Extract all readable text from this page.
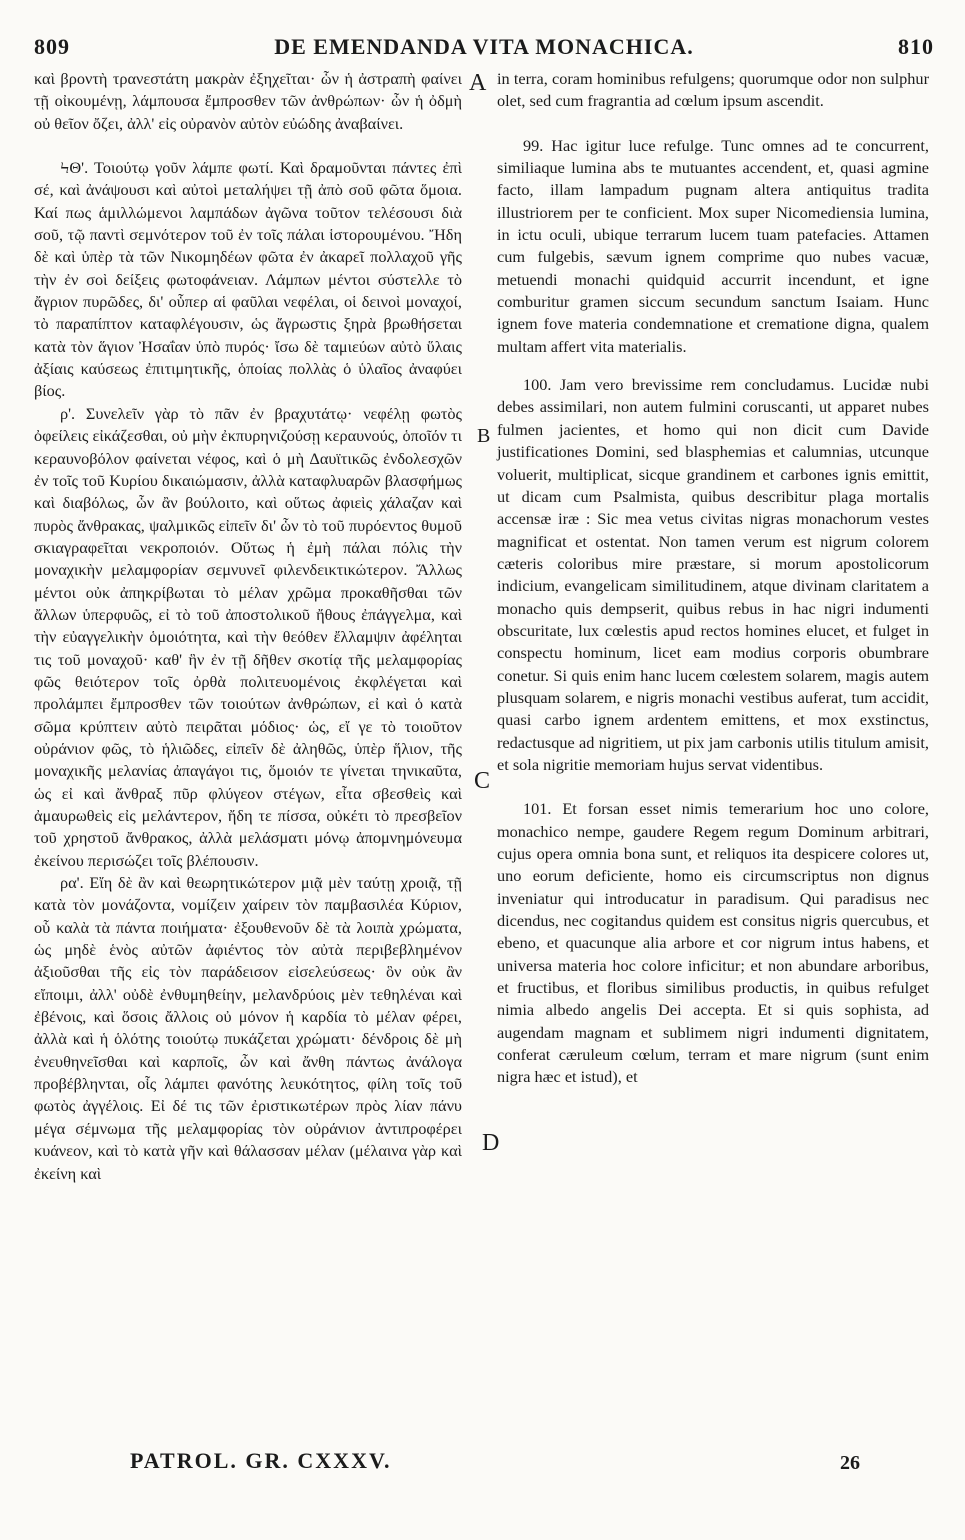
809	DE EMENDANDA VITA MONACHICA.	810

καὶ βροντὴ τρανεστάτη μακρὰν ἐξηχεῖται· ὧν ἡ ἀστραπὴ φαίνει τῇ οἰκουμένῃ, λάμπουσα ἔμπροσθεν τῶν ἀνθρώπων· ὧν ἡ ὀδμὴ οὐ θεῖον ὄζει, ἀλλ' εἰς οὐρανὸν αὐτὸν εὐώδης ἀναβαίνει.

ϞΘ'. Τοιούτῳ γοῦν λάμπε φωτί. Καὶ δραμοῦνται πάντες ἐπὶ σέ, καὶ ἀνάψουσι καὶ αὐτοὶ μεταλήψει τῇ ἀπὸ σοῦ φῶτα ὅμοια. Καί πως ἁμιλλώμενοι λαμπάδων ἀγῶνα τοῦτον τελέσουσι διὰ σοῦ, τῷ παντὶ σεμνότερον τοῦ ἐν τοῖς πάλαι ἱστορουμένου. Ἤδη δὲ καὶ ὑπὲρ τὰ τῶν Νικομηδέων φῶτα ἐν ἀκαρεῖ πολλαχοῦ γῆς τὴν ἐν σοὶ δείξεις φωτοφάνειαν. Λάμπων μέντοι σύστελλε τὸ ἄγριον πυρῶδες, δι' οὗπερ αἱ φαῦλαι νεφέλαι, οἱ δεινοὶ μοναχοί, τὸ παραπίπτον καταφλέγουσιν, ὡς ἄγρωστις ξηρὰ βρωθήσεται κατὰ τὸν ἅγιον Ἠσαΐαν ὑπὸ πυρός· ἴσω δὲ ταμιεύων αὐτὸ ὕλαις ἀξίαις καύσεως ἐπιτιμητικῆς, ὁποίας πολλὰς ὁ ὑλαῖος ἀναφύει βίος.

ρ'. Συνελεῖν γὰρ τὸ πᾶν ἐν βραχυτάτῳ· νεφέλῃ φωτὸς ὀφείλεις εἰκάζεσθαι, οὐ μὴν ἐκπυρηνιζούσῃ κεραυνούς, ὁποῖόν τι κεραυνοβόλον φαίνεται νέφος, καὶ ὁ μὴ Δαυϊτικῶς ἐνδολεσχῶν ἐν τοῖς τοῦ Κυρίου δικαιώμασιν, ἀλλὰ καταφλυαρῶν βλασφήμως καὶ διαβόλως, ὧν ἂν βούλοιτο, καὶ οὕτως ἀφιεὶς χάλαζαν καὶ πυρὸς ἄνθρακας, ψαλμικῶς εἰπεῖν δι' ὧν τὸ τοῦ πυρόεντος θυμοῦ σκιαγραφεῖται νεκροποιόν. Οὕτως ἡ ἐμὴ πάλαι πόλις τὴν μοναχικὴν μελαμφορίαν σεμνυνεῖ φιλενδεικτικώτερον. Ἄλλως μέντοι οὐκ ἀπηκρίβωται τὸ μέλαν χρῶμα προκαθῆσθαι τῶν ἄλλων ὑπερφυῶς, εἰ τὸ τοῦ ἀποστολικοῦ ἤθους ἐπάγγελμα, καὶ τὴν εὐαγγελικὴν ὁμοιότητα, καὶ τὴν θεόθεν ἔλλαμψιν ἀφέληται τις τοῦ μοναχοῦ· καθ' ἣν ἐν τῇ δῆθεν σκοτίᾳ τῆς μελαμφορίας φῶς θειότερον τοῖς ὀρθὰ πολιτευομένοις ἐκφλέγεται καὶ προλάμπει ἔμπροσθεν τῶν τοιούτων ἀνθρώπων, εἰ καὶ ὁ κατὰ σῶμα κρύπτειν αὐτὸ πειρᾶται μόδιος· ὡς, εἴ γε τὸ τοιοῦτον οὐράνιον φῶς, τὸ ἡλιῶδες, εἰπεῖν δὲ ἀληθῶς, ὑπὲρ ἥλιον, τῆς μοναχικῆς μελανίας ἀπαγάγοι τις, ὅμοιόν τε γίνεται τηνικαῦτα, ὡς εἰ καὶ ἄνθραξ πῦρ φλύγεον στέγων, εἶτα σβεσθεὶς καὶ ἀμαυρωθεὶς εἰς μελάντερον, ἤδη τε πίσσα, οὐκέτι τὸ πρεσβεῖον τοῦ χρηστοῦ ἄνθρακος, ἀλλὰ μελάσματι μόνῳ ἀπομνημόνευμα ἐκείνου περισώζει τοῖς βλέπουσιν.

ρα'. Εἴη δὲ ἂν καὶ θεωρητικώτερον μιᾷ μὲν ταύτῃ χροιᾷ, τῇ κατὰ τὸν μονάζοντα, νομίζειν χαίρειν τὸν παμβασιλέα Κύριον, οὗ καλὰ τὰ πάντα ποιήματα· ἐξουθενοῦν δὲ τὰ λοιπὰ χρώματα, ὡς μηδὲ ἑνὸς αὐτῶν ἀφιέντος τὸν αὐτὰ περιβεβλημένον ἀξιοῦσθαι τῆς εἰς τὸν παράδεισον εἰσελεύσεως· ὃν οὐκ ἂν εἴποιμι, ἀλλ' οὐδὲ ἐνθυμηθείην, μελανδρύοις μὲν τεθηλέναι καὶ ἐβένοις, καὶ ὅσοις ἄλλοις οὐ μόνον ἡ καρδία τὸ μέλαν φέρει, ἀλλὰ καὶ ἡ ὁλότης τοιούτῳ πυκάζεται χρώματι· δένδροις δὲ μὴ ἐνευθηνεῖσθαι καὶ καρποῖς, ὧν καὶ ἄνθη πάντως ἀνάλογα προβέβληνται, οἷς λάμπει φανότης λευκότητος, φίλη τοῖς τοῦ φωτὸς ἀγγέλοις. Εἰ δέ τις τῶν ἐριστικωτέρων πρὸς λίαν πάνυ μέγα σέμνωμα τῆς μελαμφορίας τὸν οὐράνιον ἀντιπροφέρει κυάνεον, καὶ τὸ κατὰ γῆν καὶ θάλασσαν μέλαν (μέλαινα γὰρ καὶ ἐκείνη καὶ

A
B
C
D

in terra, coram hominibus refulgens; quorumque odor non sulphur olet, sed cum fragrantia ad cœlum ipsum ascendit.

99. Hac igitur luce refulge. Tunc omnes ad te concurrent, similiaque lumina abs te mutuantes accendent, et, quasi agmine facto, illam lampadum pugnam altera antiquitus tradita illustriorem per te conficient. Mox super Nicomediensia lumina, in ictu oculi, ubique terrarum lucem tuam patefacies. Attamen cum fulgebis, sævum ignem comprime quo nubes vacuæ, metuendi monachi quidquid accurrit incendunt, et igne comburitur gramen siccum secundum sanctum Isaiam. Hunc ignem fove materia condemnatione et crematione digna, qualem multam affert vita materialis.

100. Jam vero brevissime rem concludamus. Lucidæ nubi debes assimilari, non autem fulmini coruscanti, ut apparet nubes fulmen jacientes, et homo qui non dicit cum Davide justificationes Domini, sed blasphemias et calumnias, utcunque voluerit, multiplicat, sicque grandinem et carbones ignis emittit, ut dicam cum Psalmista, quibus describitur plaga mortalis accensæ iræ : Sic mea vetus civitas nigras monachorum vestes magnificat et ostentat. Non tamen verum est nigrum colorem cæteris coloribus mire præstare, si morum apostolicorum indicium, evangelicam similitudinem, atque divinam claritatem a monacho quis dempserit, quibus rebus in hac nigri indumenti obscuritate, lux cœlestis apud rectos homines elucet, et fulget in conspectu hominum, licet eam modius corporis obumbrare conetur. Si quis enim hanc lucem cœlestem solarem, magis autem plusquam solarem, e nigris monachi vestibus auferat, tum accidit, quasi carbo ignem ardentem emittens, et mox exstinctus, redactusque ad nigritiem, ut pix jam carbonis utilis titulum amisit, et sola nigritie memoriam hujus servat videntibus.

101. Et forsan esset nimis temerarium hoc uno colore, monachico nempe, gaudere Regem regum Dominum arbitrari, cujus opera omnia bona sunt, et reliquos ita despicere colores ut, uno eorum deficiente, homo eis circumscriptus non dignus inveniatur qui introducatur in paradisum. Qui paradisus nec dicendus, nec cogitandus quidem est consitus nigris quercubus, et ebeno, et quacunque alia arbore et cor nigrum intus habens, et universa materia hoc colore inficitur; et non abundare arboribus, et fructibus, et floribus similibus productis, in quibus refulget nimia albedo angelis Dei accepta. Et si quis sophista, ad augendam magnam et sublimem nigri indumenti dignitatem, conferat cæruleum cœlum, terram et mare nigrum (sunt enim nigra hæc et istud), et

PATROL. GR. CXXXV.	26
